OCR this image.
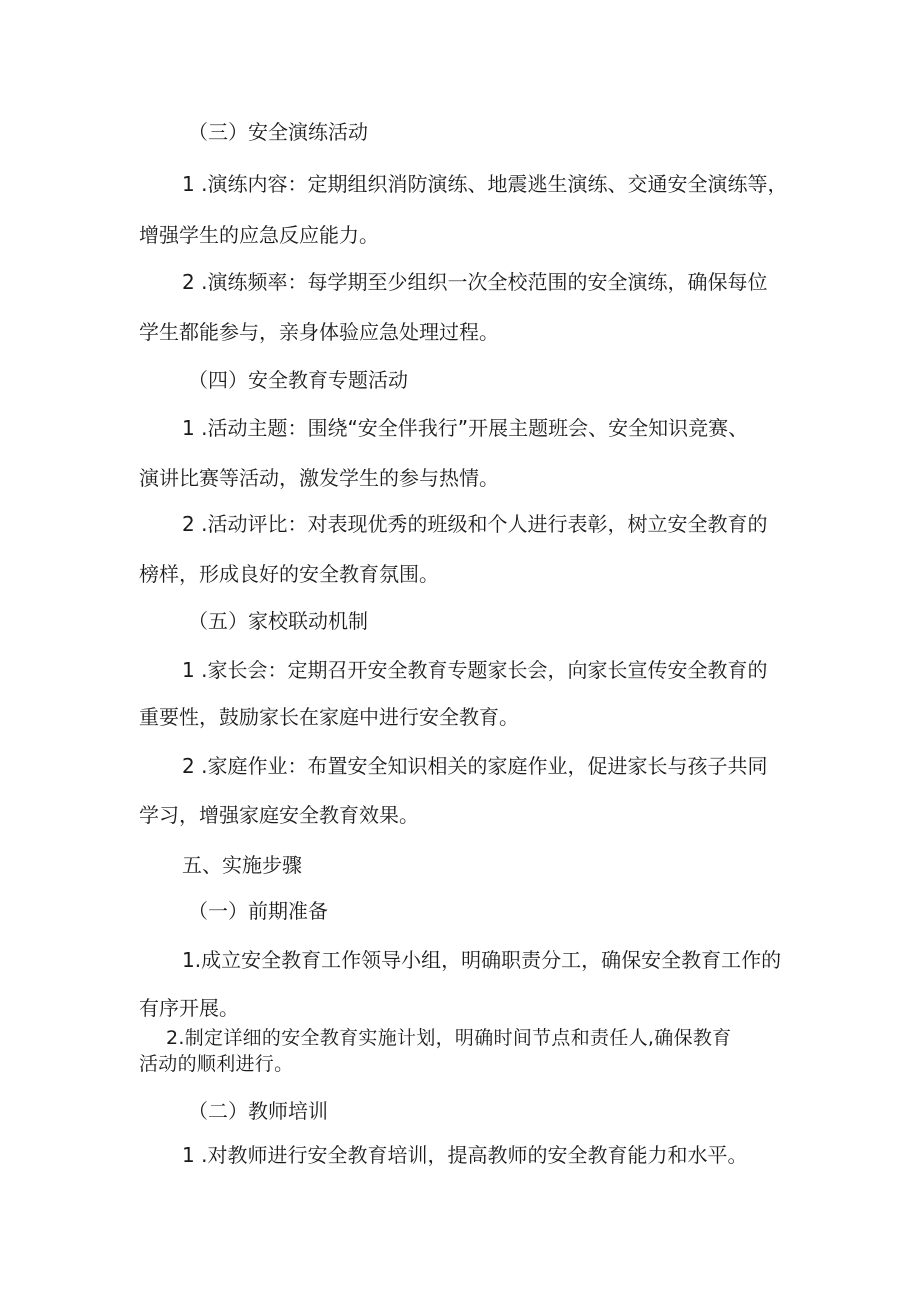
（三）安全演练活动

1 .演练内容：定期组织消防演练、地震逃生演练、交通安全演练等，

增强学生的应急反应能力。

2 .演练频率：每学期至少组织一次全校范围的安全演练，确保每位

学生都能参与，亲身体验应急处理过程。

（四）安全教育专题活动

1 .活动主题：围绕“安全伴我行”开展主题班会、安全知识竞赛、

演讲比赛等活动，激发学生的参与热情。

2 .活动评比：对表现优秀的班级和个人进行表彰，树立安全教育的

榜样，形成良好的安全教育氛围。

（五）家校联动机制

1 .家长会：定期召开安全教育专题家长会，向家长宣传安全教育的

重要性，鼓励家长在家庭中进行安全教育。

2 .家庭作业：布置安全知识相关的家庭作业，促进家长与孩子共同

学习，增强家庭安全教育效果。

五、实施步骤

（一）前期准备

1.成立安全教育工作领导小组，明确职责分工，确保安全教育工作的

有序开展。

2.制定详细的安全教育实施计划，明确时间节点和责任人,确保教育

活动的顺利进行。

（二）教师培训

1 .对教师进行安全教育培训，提高教师的安全教育能力和水平。
